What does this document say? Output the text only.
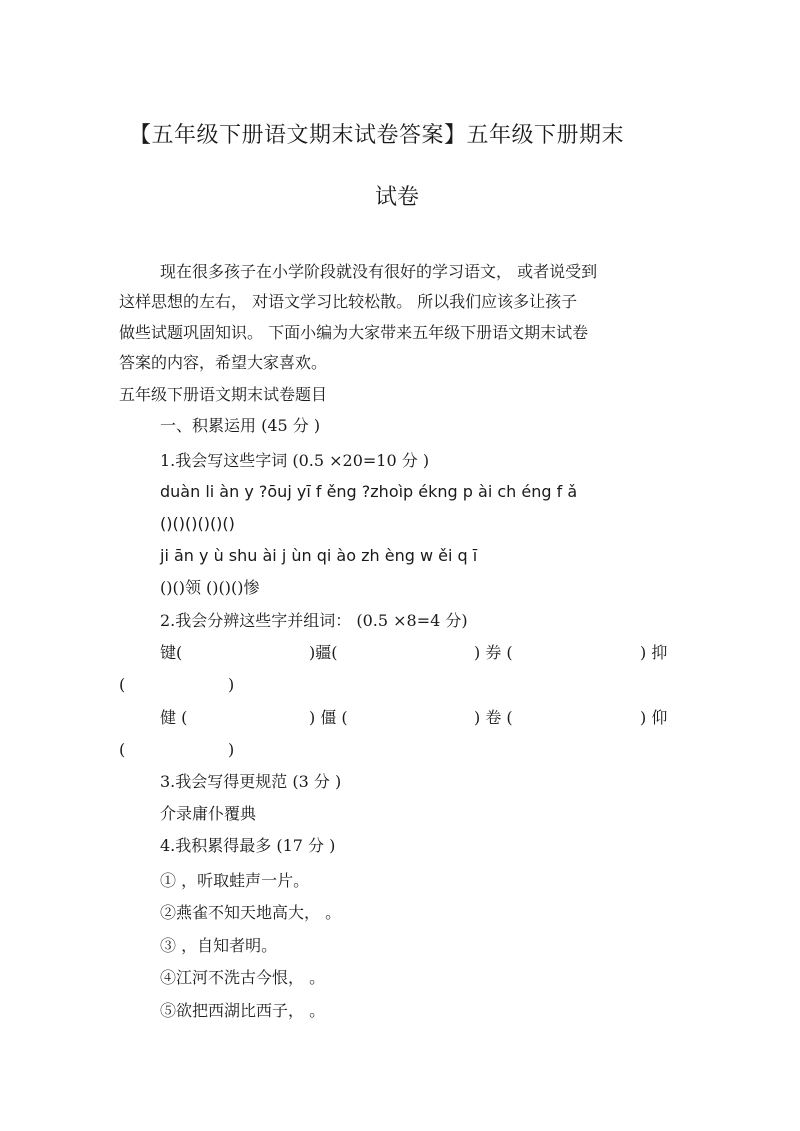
【五年级下册语文期末试卷答案】五年级下册期末
试卷
现在很多孩子在小学阶段就没有很好的学习语文， 或者说受到
这样思想的左右， 对语文学习比较松散。 所以我们应该多让孩子
做些试题巩固知识。 下面小编为大家带来五年级下册语文期末试卷
答案的内容，希望大家喜欢。
五年级下册语文期末试卷题目
一、积累运用 (45 分 )
1.我会写这些字词 (0.5 ×20=10 分 )
duàn li àn y ?ōuj yī f ěng ?zhoìp ékng p ài ch éng f ǎ
()()()()()()
ji ān y ù shu ài j ùn qi ào zh èng w ěi q ī
()()领 ()()()惨
2.我会分辨这些字并组词： (0.5 ×8=4 分)
键(	)疆(	) 券 (	) 抑
(	)
健 (	) 僵 (	) 卷 (	) 仰
(	)
3.我会写得更规范 (3 分 )
介录庸仆覆典
4.我积累得最多 (17 分 )
① ，听取蛙声一片。
②燕雀不知天地高大， 。
③ ，自知者明。
④江河不洗古今恨， 。
⑤欲把西湖比西子， 。
